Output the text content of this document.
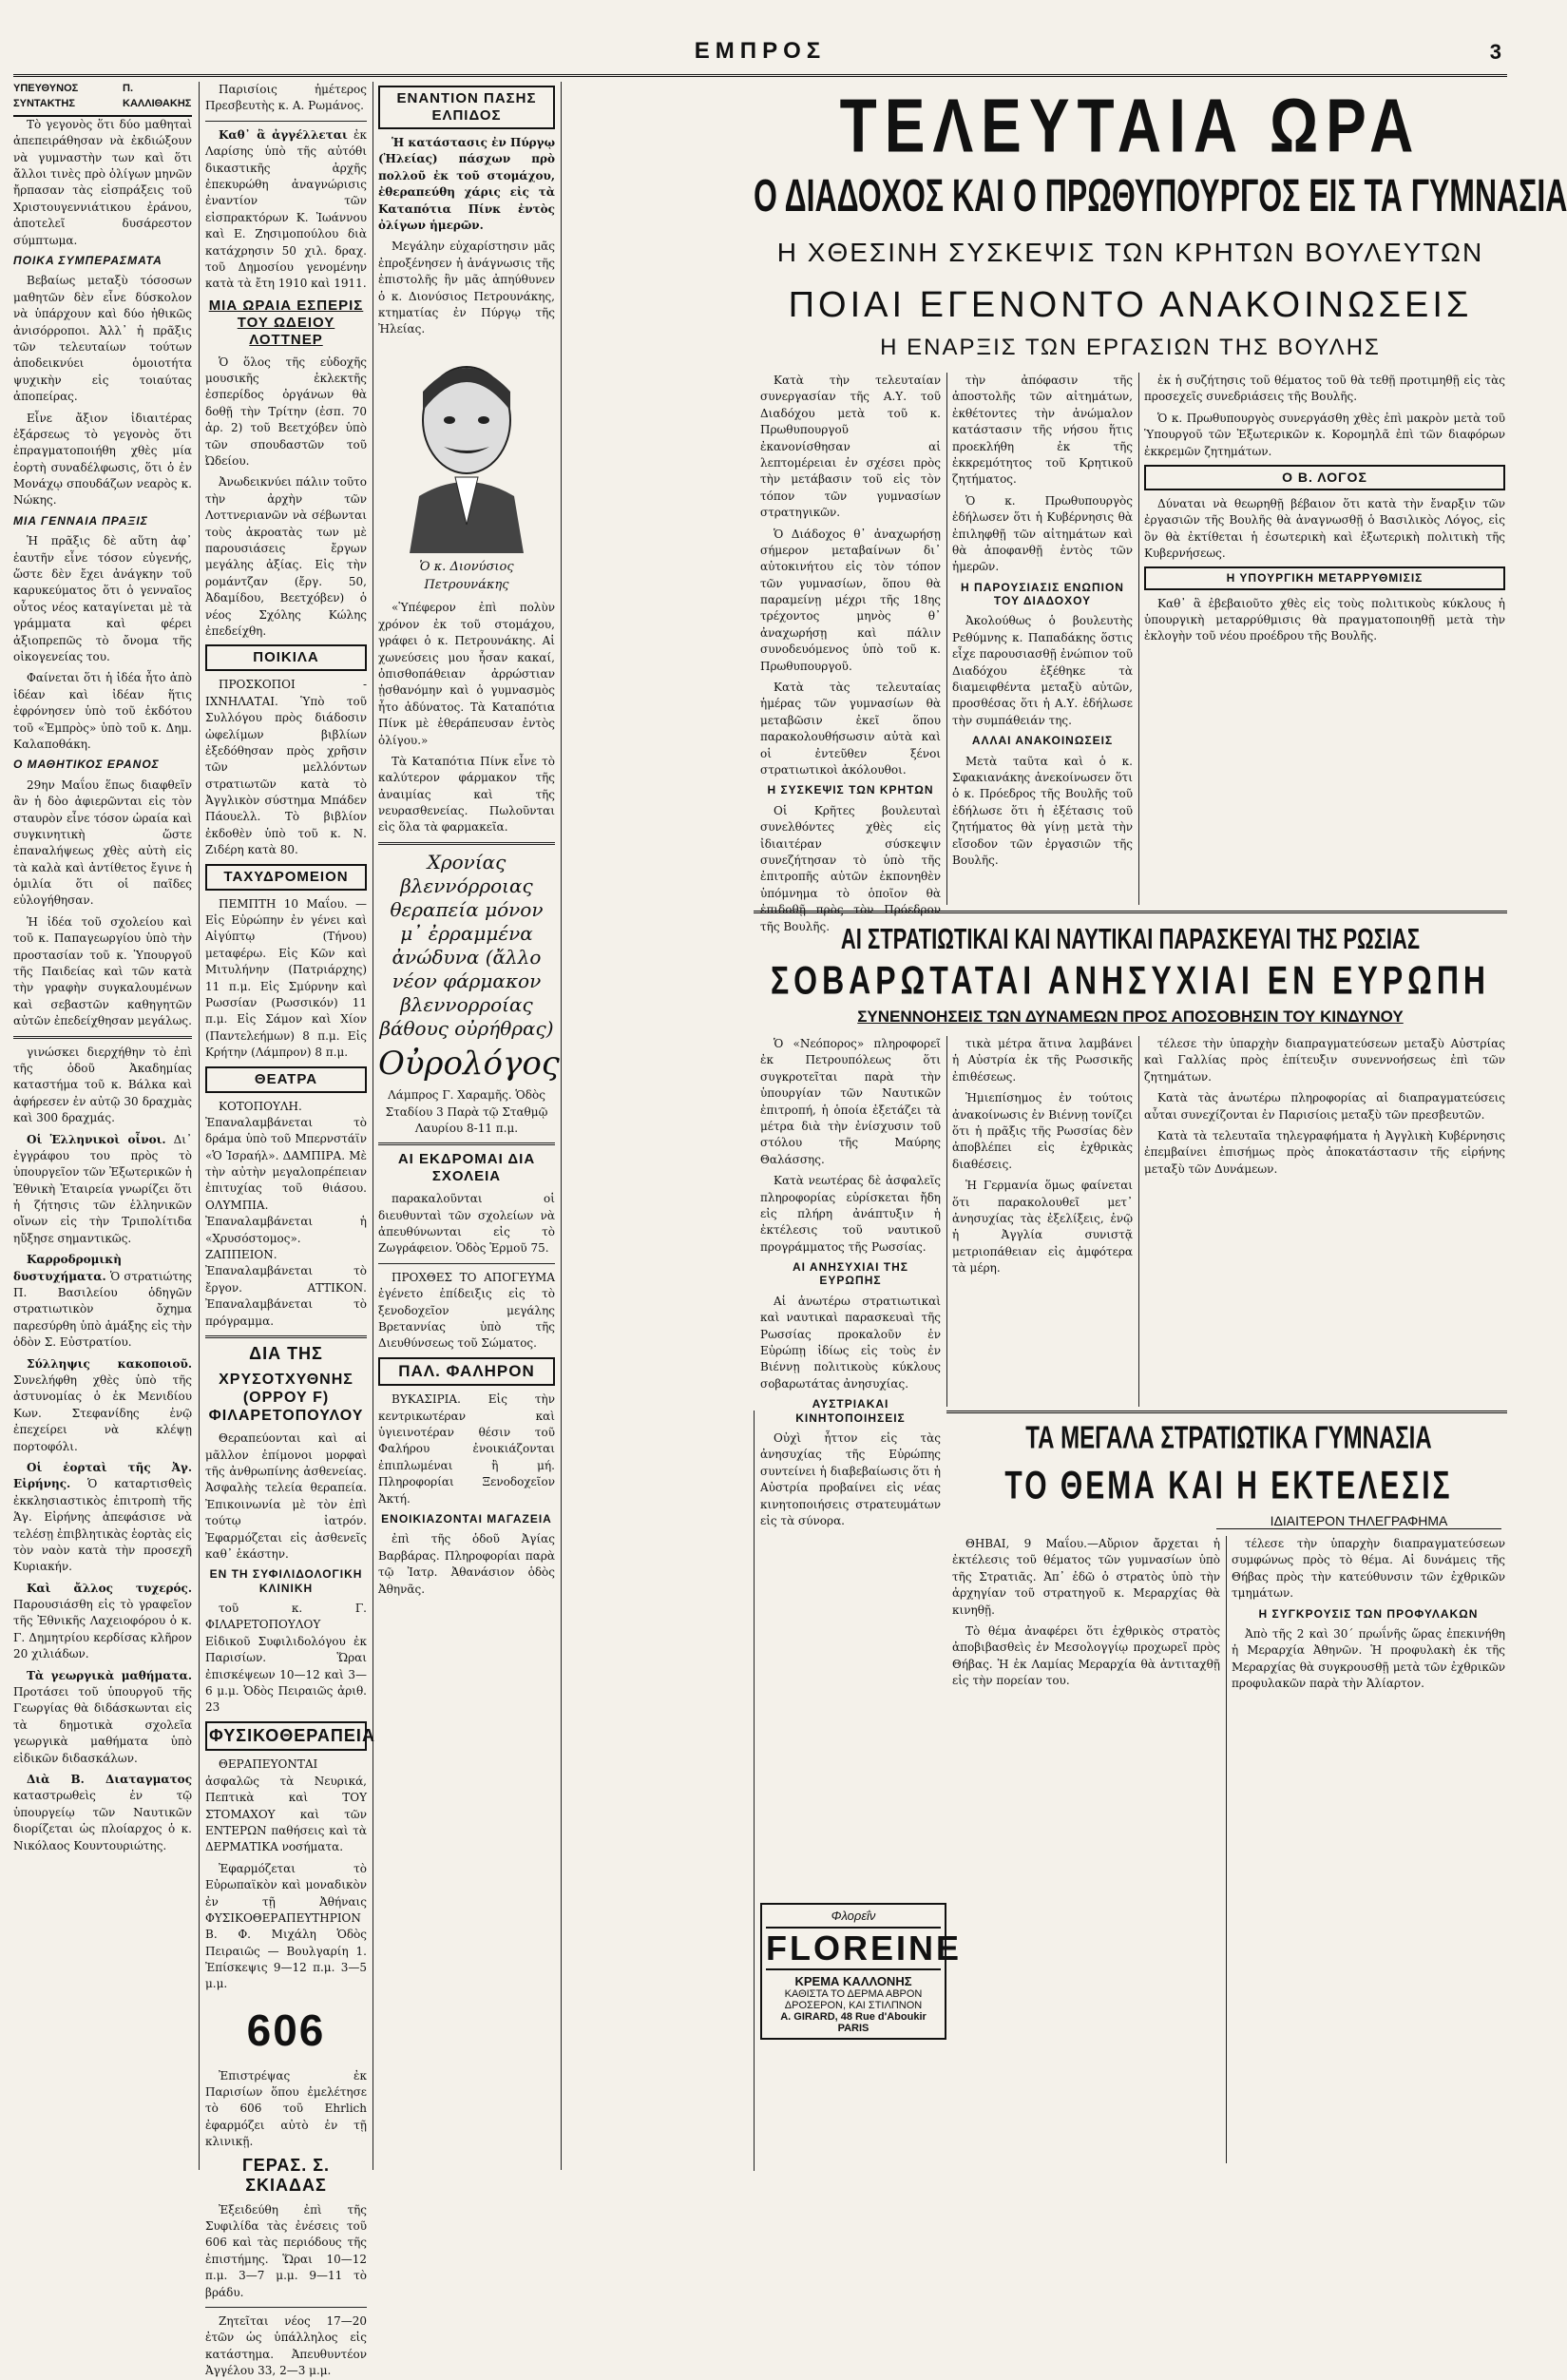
ΕΜΠΡΟΣ	3
ΥΠΕΥΘΥΝΟΣ ΣΥΝΤΑΚΤΗΣ
Π. ΚΑΛΛΙΘΑΚΗΣ

Τὸ γεγονὸς ὅτι δύο μαθηταὶ ἀπεπειράθησαν νὰ ἐκδιώξουν νὰ γυμναστὴν των καὶ ὅτι ἄλλοι τινὲς πρὸ ὀλίγων μηνῶν ἤρπασαν τὰς εἰσπράξεις τοῦ Χριστουγεννιάτικου ἐράνου, ἀποτελεῖ δυσάρεστον σύμπτωμα.

ΠΟΙΚΑ ΣΥΜΠΕΡΑΣΜΑΤΑ

Βεβαίως μεταξὺ τόσοσων μαθητῶν δὲν εἶνε δύσκολον νὰ ὑπάρχουν καὶ δύο ἠθικῶς ἀνισόρροποι. Ἀλλ᾽ ἡ πρᾶξις τῶν τελευταίων τούτων ἀποδεικνύει ὁμοιοτήτα ψυχικὴν εἰς τοιαύτας ἀποπείρας.

Εἶνε ἄξιον ἰδιαιτέρας ἐξάρσεως τὸ γεγονὸς ὅτι ἐπραγματοποιήθη χθὲς μία ἑορτὴ συναδέλφωσις, ὅτι ὁ ἐν Μονάχῳ σπουδάζων νεαρὸς κ. Νώκης.

ΜΙΑ ΓΕΝΝΑΙΑ ΠΡΑΞΙΣ

Ἡ πρᾶξις δὲ αὕτη ἀφ᾽ ἑαυτῆν εἶνε τόσον εὐγενής, ὥστε δὲν ἔχει ἀνάγκην τοῦ καρυκεύματος ὅτι ὁ γενναῖος οὗτος νέος καταγίνεται μὲ τὰ γράμματα καὶ φέρει ἀξιοπρεπῶς τὸ ὄνομα τῆς οἰκογενείας του.

Φαίνεται ὅτι ἡ ἰδέα ἦτο ἀπὸ ἰδέαν καὶ ἰδέαν ἥτις ἐφρόνησεν ὑπὸ τοῦ ἐκδότου τοῦ «Ἐμπρὸς» ὑπὸ τοῦ κ. Δημ. Καλαποθάκη.

Ο ΜΑΘΗΤΙΚΟΣ ΕΡΑΝΟΣ

29ην Μαΐου ἕπως διαφθεῖν ἂν ἡ δὸο ἀφιερῶνται εἰς τὸν σταυρὸν εἶνε τόσον ὡραία καὶ συγκινητικὴ ὥστε ἐπαναλήψεως χθὲς αὐτὴ εἰς τὰ καλὰ καὶ ἀντίθετος ἔγινε ἡ ὁμιλία ὅτι οἱ παῖδες εὐλογήθησαν.

Ἡ ἰδέα τοῦ σχολείου καὶ τοῦ κ. Παπαγεωργίου ὑπὸ τὴν προστασίαν τοῦ κ. Ὑπουργοῦ τῆς Παιδείας καὶ τῶν κατὰ τὴν γραφὴν συγκαλουμένων καὶ σεβαστῶν καθηγητῶν αὐτῶν ἐπεδείχθησαν μεγάλως.

γινώσκει διερχήθην τὸ ἐπὶ τῆς ὁδοῦ Ἀκαδημίας καταστήμα τοῦ κ. Βάλκα καὶ ἀφήρεσεν ἐν αὐτῷ 30 δραχμὰς καὶ 300 δραχμάς.

Οἱ Ἑλληνικοὶ οἶνοι. Δι᾽ ἐγγράφου του πρὸς τὸ ὑπουργεῖον τῶν Ἐξωτερικῶν ἡ Ἐθνικὴ Ἑταιρεία γνωρίζει ὅτι ἡ ζήτησις τῶν ἑλληνικῶν οἴνων εἰς τὴν Τριπολίτιδα ηὔξησε σημαντικῶς.

Καρροδρομικὴ δυστυχήματα. Ὁ στρατιώτης Π. Βασιλείου ὁδηγῶν στρατιωτικὸν ὄχημα παρεσύρθη ὑπὸ ἁμάξης εἰς τὴν ὁδὸν Σ. Εὐστρατίου.

Σύλληψις κακοποιοῦ. Συνελήφθη χθὲς ὑπὸ τῆς ἀστυνομίας ὁ ἐκ Μενιδίου Κων. Στεφανίδης ἐνῷ ἐπεχείρει νὰ κλέψῃ πορτοφόλι.

Οἱ ἑορταὶ τῆς Ἀγ. Εἰρήνης. Ὁ καταρτισθεὶς ἐκκλησιαστικὸς ἐπιτροπὴ τῆς Ἁγ. Εἰρήνης ἀπεφάσισε νὰ τελέσῃ ἐπιβλητικὰς ἑορτὰς εἰς τὸν ναὸν κατὰ τὴν προσεχῆ Κυριακήν.

Καὶ ἄλλος τυχερός. Παρουσιάσθη εἰς τὸ γραφεῖον τῆς Ἐθνικῆς Λαχειοφόρου ὁ κ. Γ. Δημητρίου κερδίσας κλῆρον 20 χιλιάδων.

Τὰ γεωργικὰ μαθήματα. Προτάσει τοῦ ὑπουργοῦ τῆς Γεωργίας θὰ διδάσκωνται εἰς τὰ δημοτικὰ σχολεῖα γεωργικὰ μαθήματα ὑπὸ εἰδικῶν διδασκάλων.

Διὰ Β. Διαταγματος καταστρωθεὶς ἐν τῷ ὑπουργείῳ τῶν Ναυτικῶν διορίζεται ὡς πλοίαρχος ὁ κ. Νικόλαος Κουντουριώτης.

Παρισίοις ἡμέτερος Πρεσβευτὴς κ. Α. Ρωμάνος.

Καθ᾽ ἃ ἀγγέλλεται ἐκ Λαρίσης ὑπὸ τῆς αὐτόθι δικαστικῆς ἀρχῆς ἐπεκυρώθη ἀναγνώρισις ἐναντίον τῶν εἰσπρακτόρων Κ. Ἰωάννου καὶ Ε. Ζησιμοπούλου διὰ κατάχρησιν 50 χιλ. δραχ. τοῦ Δημοσίου γενομένην κατὰ τὰ ἔτη 1910 καὶ 1911.

ΜΙΑ ΩΡΑΙΑ ΕΣΠΕΡΙΣ ΤΟΥ ΩΔΕΙΟΥ ΛΟΤΤΝΕΡ

Ὁ ὅλος τῆς εὐδοχῆς μουσικῆς ἐκλεκτῆς ἐσπερίδος ὀργάνων θὰ δοθῇ τὴν Τρίτην (ἐσπ. 70 ἀρ. 2) τοῦ Βεετχόβεν ὑπὸ τῶν σπουδαστῶν τοῦ Ὠδείου.

Ἀνωδεικνύει πάλιν τοῦτο τὴν ἀρχὴν τῶν Λοττνεριανῶν νὰ σέβωνται τοὺς ἀκροατὰς των μὲ παρουσιάσεις ἔργων μεγάλης ἀξίας. Εἰς τὴν ρομάντζαν (ἔργ. 50, Ἀδαμίδου, Βεετχόβεν) ὁ νέος Σχόλης Κώλης ἐπεδείχθη.

ΠΟΙΚΙΛΑ

ΠΡΟΣΚΟΠΟΙ - ΙΧΝΗΛΑΤΑΙ. Ὑπὸ τοῦ Συλλόγου πρὸς διάδοσιν ὠφελίμων βιβλίων ἐξεδόθησαν πρὸς χρῆσιν τῶν μελλόντων στρατιωτῶν κατὰ τὸ Ἀγγλικὸν σύστημα Μπάδεν Πάουελλ. Τὸ βιβλίον ἐκδοθὲν ὑπὸ τοῦ κ. Ν. Ζιδέρη κατὰ 80.

ΤΑΧΥΔΡΟΜΕΙΟΝ

ΠΕΜΠΤΗ 10 Μαΐου. — Εἰς Εὐρώπην ἐν γένει καὶ Αἰγύπτῳ (Τήνου) μεταφέρω. Εἰς Κῶν καὶ Μιτυλήνην (Πατριάρχης) 11 π.μ. Εἰς Σμύρνην καὶ Ρωσσίαν (Ρωσσικόν) 11 π.μ. Εἰς Σάμον καὶ Χίον (Παντελεήμων) 8 π.μ. Εἰς Κρήτην (Λάμπρον) 8 π.μ.

ΘΕΑΤΡΑ

ΚΟΤΟΠΟΥΛΗ. Ἐπαναλαμβάνεται τὸ δράμα ὑπὸ τοῦ Μπερνστάϊν «Ὁ Ἰσραήλ». ΔΑΜΠΙΡΑ. Μὲ τὴν αὐτὴν μεγαλοπρέπειαν ἐπιτυχίας τοῦ θιάσου. ΟΛΥΜΠΙΑ. Ἐπαναλαμβάνεται ἡ «Χρυσόστομος». ΖΑΠΠΕΙΟΝ. Ἐπαναλαμβάνεται τὸ ἔργον. ΑΤΤΙΚΟΝ. Ἐπαναλαμβάνεται τὸ πρόγραμμα.

ΔΙΑ ΤΗΣ
ΧΡΥΣΟΤΧΥΘΝΗΣ (ΟΡΡΟΥ F) ΦΙΛΑΡΕΤΟΠΟΥΛΟΥ

Θεραπεύονται καὶ αἱ μᾶλλον ἐπίμονοι μορφαὶ τῆς ἀνθρωπίνης ἀσθενείας. Ἀσφαλὴς τελεία θεραπεία. Ἐπικοινωνία μὲ τὸν ἐπὶ τούτῳ ἰατρόν. Ἐφαρμόζεται εἰς ἀσθενεῖς καθ᾽ ἑκάστην.

ΕΝ ΤΗ ΣΥΦΙΛΙΔΟΛΟΓΙΚΗ ΚΛΙΝΙΚΗ

τοῦ κ. Γ. ΦΙΛΑΡΕΤΟΠΟΥΛΟΥ Εἰδικοῦ Συφιλιδολόγου ἐκ Παρισίων. Ὥραι ἐπισκέψεων 10—12 καὶ 3—6 μ.μ. Ὁδὸς Πειραιῶς ἀριθ. 23

ΦΥΣΙΚΟΘΕΡΑΠΕΙΑ

ΘΕΡΑΠΕΥΟΝΤΑΙ ἀσφαλῶς τὰ Νευρικά, Πεπτικὰ καὶ ΤΟΥ ΣΤΟΜΑΧΟΥ καὶ τῶν ΕΝΤΕΡΩΝ παθήσεις καὶ τὰ ΔΕΡΜΑΤΙΚΑ νοσήματα.

Ἐφαρμόζεται τὸ Εὐρωπαϊκὸν καὶ μοναδικὸν ἐν τῇ Ἀθήναις ΦΥΣΙΚΟΘΕΡΑΠΕΥΤΗΡΙΟΝ Β. Φ. Μιχάλη Ὁδὸς Πειραιῶς — Βουλγαρίη 1. Ἐπίσκεψις 9—12 π.μ. 3—5 μ.μ.

606

Ἐπιστρέψας ἐκ Παρισίων ὅπου ἐμελέτησε τὸ 606 τοῦ Ehrlich ἐφαρμόζει αὐτὸ ἐν τῇ κλινικῇ.

ΓΕΡΑΣ. Σ. ΣΚΙΑΔΑΣ

Ἐξειδεύθη ἐπὶ τῆς Συφιλίδα τὰς ἐνέσεις τοῦ 606 καὶ τὰς περιόδους τῆς ἐπιστήμης. Ὥραι 10—12 π.μ. 3—7 μ.μ. 9—11 τὸ βράδυ.

Ζητεῖται νέος 17—20 ἐτῶν ὡς ὑπάλληλος εἰς κατάστημα. Ἀπευθυντέον Ἀγγέλου 33, 2—3 μ.μ.

ΕΝΑΝΤΙΟΝ ΠΑΣΗΣ ΕΛΠΙΔΟΣ

Ἡ κατάστασις ἐν Πύργῳ (Ἠλείας) πάσχων πρὸ πολλοῦ ἐκ τοῦ στομάχου, ἐθεραπεύθη χάρις εἰς τὰ Καταπότια Πίνκ ἐντὸς ὀλίγων ἡμερῶν.

Μεγάλην εὐχαρίστησιν μᾶς ἐπροξένησεν ἡ ἀνάγνωσις τῆς ἐπιστολῆς ἣν μᾶς ἀπηύθυνεν ὁ κ. Διονύσιος Πετρουνάκης, κτηματίας ἐν Πύργῳ τῆς Ἠλείας.

Ὁ κ. Διονύσιος Πετρουνάκης

«Ὑπέφερον ἐπὶ πολὺν χρόνον ἐκ τοῦ στομάχου, γράφει ὁ κ. Πετρουνάκης. Αἱ χωνεύσεις μου ἦσαν κακαί, ὀπισθοπάθειαν ἀρρώστιαν ᾐσθανόμην καὶ ὁ γυμνασμὸς ἦτο ἀδύνατος. Τὰ Καταπότια Πίνκ μὲ ἐθεράπευσαν ἐντὸς ὀλίγου.»

Τὰ Καταπότια Πίνκ εἶνε τὸ καλύτερον φάρμακον τῆς ἀναιμίας καὶ τῆς νευρασθενείας. Πωλοῦνται εἰς ὅλα τὰ φαρμακεῖα.

Χρονίας βλεννόρροιας θεραπεία μόνον μ᾽ ἐρραμμένα ἀνώδυνα (ἄλλο νέον φάρμακον βλεννορροίας βάθους οὐρήθρας)
Οὐρολόγος

Λάμπρος Γ. Χαραμῆς. Ὁδὸς Σταδίου 3 Παρὰ τῷ Σταθμῷ Λαυρίου 8-11 π.μ.

ΑΙ ΕΚΔΡΟΜΑΙ ΔΙΑ ΣΧΟΛΕΙΑ

παρακαλοῦνται οἱ διευθυνταὶ τῶν σχολείων νὰ ἀπευθύνωνται εἰς τὸ Ζωγράφειον. Ὁδὸς Ἑρμοῦ 75.

ΠΡΟΧΘΕΣ ΤΟ ΑΠΟΓΕΥΜΑ ἐγένετο ἐπίδειξις εἰς τὸ ξενοδοχεῖον μεγάλης Βρεταννίας ὑπὸ τῆς Διευθύνσεως τοῦ Σώματος.

ΠΑΛ. ΦΑΛΗΡΟΝ

ΒΥΚΑΣΙΡΙΑ. Εἰς τὴν κεντρικωτέραν καὶ ὑγιεινοτέραν θέσιν τοῦ Φαλήρου ἐνοικιάζονται ἐπιπλωμέναι ἢ μή. Πληροφορίαι Ξενοδοχεῖον Ἀκτή.

ΕΝΟΙΚΙΑΖΟΝΤΑΙ ΜΑΓΑΖΕΙΑ

ἐπὶ τῆς ὁδοῦ Ἀγίας Βαρβάρας. Πληροφορίαι παρὰ τῷ Ἰατρ. Ἀθανάσιον ὁδὸς Ἀθηνᾶς.

ΤΕΛΕΥΤΑΙΑ ΩΡΑ
Ο ΔΙΑΔΟΧΟΣ ΚΑΙ Ο ΠΡΩΘΥΠΟΥΡΓΟΣ ΕΙΣ ΤΑ ΓΥΜΝΑΣΙΑ
Η ΧΘΕΣΙΝΗ ΣΥΣΚΕΨΙΣ ΤΩΝ ΚΡΗΤΩΝ ΒΟΥΛΕΥΤΩΝ
ΠΟΙΑΙ ΕΓΕΝΟΝΤΟ ΑΝΑΚΟΙΝΩΣΕΙΣ
Η ΕΝΑΡΞΙΣ ΤΩΝ ΕΡΓΑΣΙΩΝ ΤΗΣ ΒΟΥΛΗΣ

Κατὰ τὴν τελευταίαν συνεργασίαν τῆς Α.Υ. τοῦ Διαδόχου μετὰ τοῦ κ. Πρωθυπουργοῦ ἐκανονίσθησαν αἱ λεπτομέρειαι ἐν σχέσει πρὸς τὴν μετάβασιν τοῦ εἰς τὸν τόπον τῶν γυμνασίων στρατηγικῶν.

Ὁ Διάδοχος θ᾽ ἀναχωρήσῃ σήμερον μεταβαίνων δι᾽ αὐτοκινήτου εἰς τὸν τόπον τῶν γυμνασίων, ὅπου θὰ παραμείνῃ μέχρι τῆς 18ης τρέχοντος μηνὸς θ᾽ ἀναχωρήσῃ καὶ πάλιν συνοδευόμενος ὑπὸ τοῦ κ. Πρωθυπουργοῦ.

Κατὰ τὰς τελευταίας ἡμέρας τῶν γυμνασίων θὰ μεταβῶσιν ἐκεῖ ὅπου παρακολουθήσωσιν αὐτὰ καὶ οἱ ἐντεῦθεν ξένοι στρατιωτικοὶ ἀκόλουθοι.

Η ΣΥΣΚΕΨΙΣ ΤΩΝ ΚΡΗΤΩΝ

Οἱ Κρῆτες βουλευταὶ συνελθόντες χθὲς εἰς ἰδιαιτέραν σύσκεψιν συνεζήτησαν τὸ ὑπὸ τῆς ἐπιτροπῆς αὐτῶν ἐκπονηθὲν ὑπόμνημα τὸ ὁποῖον θὰ ἐπιδοθῇ πρὸς τὸν Πρόεδρον τῆς Βουλῆς.

τὴν ἀπόφασιν τῆς ἀποστολῆς τῶν αἰτημάτων, ἐκθέτοντες τὴν ἀνώμαλον κατάστασιν τῆς νήσου ἥτις προεκλήθη ἐκ τῆς ἐκκρεμότητος τοῦ Κρητικοῦ ζητήματος.

Ὁ κ. Πρωθυπουργὸς ἐδήλωσεν ὅτι ἡ Κυβέρνησις θὰ ἐπιληφθῇ τῶν αἰτημάτων καὶ θὰ ἀποφανθῇ ἐντὸς τῶν ἡμερῶν.

Η ΠΑΡΟΥΣΙΑΣΙΣ ΕΝΩΠΙΟΝ ΤΟΥ ΔΙΑΔΟΧΟΥ

Ἀκολούθως ὁ βουλευτὴς Ρεθύμνης κ. Παπαδάκης ὅστις εἶχε παρουσιασθῇ ἐνώπιον τοῦ Διαδόχου ἐξέθηκε τὰ διαμειφθέντα μεταξὺ αὐτῶν, προσθέσας ὅτι ἡ Α.Υ. ἐδήλωσε τὴν συμπάθειάν της.

ΑΛΛΑΙ ΑΝΑΚΟΙΝΩΣΕΙΣ

Μετὰ ταῦτα καὶ ὁ κ. Σφακιανάκης ἀνεκοίνωσεν ὅτι ὁ κ. Πρόεδρος τῆς Βουλῆς τοῦ ἐδήλωσε ὅτι ἡ ἐξέτασις τοῦ ζητήματος θὰ γίνῃ μετὰ τὴν εἴσοδον τῶν ἐργασιῶν τῆς Βουλῆς.

ἐκ ἡ συζήτησις τοῦ θέματος τοῦ θὰ τεθῇ προτιμηθῇ εἰς τὰς προσεχεῖς συνεδριάσεις τῆς Βουλῆς.

Ὁ κ. Πρωθυπουργὸς συνεργάσθη χθὲς ἐπὶ μακρὸν μετὰ τοῦ Ὑπουργοῦ τῶν Ἐξωτερικῶν κ. Κορομηλᾶ ἐπὶ τῶν διαφόρων ἐκκρεμῶν ζητημάτων.

Ο Β. ΛΟΓΟΣ

Δύναται νὰ θεωρηθῇ βέβαιον ὅτι κατὰ τὴν ἔναρξιν τῶν ἐργασιῶν τῆς Βουλῆς θὰ ἀναγνωσθῇ ὁ Βασιλικὸς Λόγος, εἰς ὃν θὰ ἐκτίθεται ἡ ἐσωτερικὴ καὶ ἐξωτερικὴ πολιτικὴ τῆς Κυβερνήσεως.

Η ΥΠΟΥΡΓΙΚΗ ΜΕΤΑΡΡΥΘΜΙΣΙΣ

Καθ᾽ ἃ ἐβεβαιοῦτο χθὲς εἰς τοὺς πολιτικοὺς κύκλους ἡ ὑπουργικὴ μεταρρύθμισις θὰ πραγματοποιηθῇ μετὰ τὴν ἐκλογὴν τοῦ νέου προέδρου τῆς Βουλῆς.

ΑΙ ΣΤΡΑΤΙΩΤΙΚΑΙ ΚΑΙ ΝΑΥΤΙΚΑΙ ΠΑΡΑΣΚΕΥΑΙ ΤΗΣ ΡΩΣΙΑΣ
ΣΟΒΑΡΩΤΑΤΑΙ ΑΝΗΣΥΧΙΑΙ ΕΝ ΕΥΡΩΠΗ
ΣΥΝΕΝΝΟΗΣΕΙΣ ΤΩΝ ΔΥΝΑΜΕΩΝ ΠΡΟΣ ΑΠΟΣΟΒΗΣΙΝ ΤΟΥ ΚΙΝΔΥΝΟΥ

Ὁ «Νεόπορος» πληροφορεῖ ἐκ Πετρουπόλεως ὅτι συγκροτεῖται παρὰ τὴν ὑπουργίαν τῶν Ναυτικῶν ἐπιτροπή, ἡ ὁποία ἐξετάζει τὰ μέτρα διὰ τὴν ἐνίσχυσιν τοῦ στόλου τῆς Μαύρης Θαλάσσης.

Κατὰ νεωτέρας δὲ ἀσφαλεῖς πληροφορίας εὑρίσκεται ἤδη εἰς πλήρη ἀνάπτυξιν ἡ ἐκτέλεσις τοῦ ναυτικοῦ προγράμματος τῆς Ρωσσίας.

ΑΙ ΑΝΗΣΥΧΙΑΙ ΤΗΣ ΕΥΡΩΠΗΣ

Αἱ ἀνωτέρω στρατιωτικαὶ καὶ ναυτικαὶ παρασκευαὶ τῆς Ρωσσίας προκαλοῦν ἐν Εὐρώπῃ ἰδίως εἰς τοὺς ἐν Βιέννῃ πολιτικοὺς κύκλους σοβαρωτάτας ἀνησυχίας.

ΑΥΣΤΡΙΑΚΑΙ ΚΙΝΗΤΟΠΟΙΗΣΕΙΣ

Οὐχὶ ἧττον εἰς τὰς ἀνησυχίας τῆς Εὐρώπης συντείνει ἡ διαβεβαίωσις ὅτι ἡ Αὐστρία προβαίνει εἰς νέας κινητοποιήσεις στρατευμάτων εἰς τὰ σύνορα.

τικὰ μέτρα ἅτινα λαμβάνει ἡ Αὐστρία ἐκ τῆς Ρωσσικῆς ἐπιθέσεως.

Ἡμιεπίσημος ἐν τούτοις ἀνακοίνωσις ἐν Βιέννῃ τονίζει ὅτι ἡ πρᾶξις τῆς Ρωσσίας δὲν ἀποβλέπει εἰς ἐχθρικὰς διαθέσεις.

Ἡ Γερμανία ὅμως φαίνεται ὅτι παρακολουθεῖ μετ᾽ ἀνησυχίας τὰς ἐξελίξεις, ἐνῷ ἡ Ἀγγλία συνιστᾷ μετριοπάθειαν εἰς ἀμφότερα τὰ μέρη.

τέλεσε τὴν ὑπαρχὴν διαπραγματεύσεων μεταξὺ Αὐστρίας καὶ Γαλλίας πρὸς ἐπίτευξιν συνεννοήσεως ἐπὶ τῶν ζητημάτων.

Κατὰ τὰς ἀνωτέρω πληροφορίας αἱ διαπραγματεύσεις αὗται συνεχίζονται ἐν Παρισίοις μεταξὺ τῶν πρεσβευτῶν.

Κατὰ τὰ τελευταῖα τηλεγραφήματα ἡ Ἀγγλικὴ Κυβέρνησις ἐπεμβαίνει ἐπισήμως πρὸς ἀποκατάστασιν τῆς εἰρήνης μεταξὺ τῶν Δυνάμεων.

ΤΑ ΜΕΓΑΛΑ ΣΤΡΑΤΙΩΤΙΚΑ ΓΥΜΝΑΣΙΑ
ΤΟ ΘΕΜΑ ΚΑΙ Η ΕΚΤΕΛΕΣΙΣ
ΙΔΙΑΙΤΕΡΟΝ ΤΗΛΕΓΡΑΦΗΜΑ

ΘΗΒΑΙ, 9 Μαΐου.—Αὔριον ἄρχεται ἡ ἐκτέλεσις τοῦ θέματος τῶν γυμνασίων ὑπὸ τῆς Στρατιᾶς. Ἀπ᾽ ἐδῶ ὁ στρατὸς ὑπὸ τὴν ἀρχηγίαν τοῦ στρατηγοῦ κ. Μεραρχίας θὰ κινηθῇ.

Τὸ θέμα ἀναφέρει ὅτι ἐχθρικὸς στρατὸς ἀποβιβασθεὶς ἐν Μεσολογγίῳ προχωρεῖ πρὸς Θήβας. Ἡ ἐκ Λαμίας Μεραρχία θὰ ἀντιταχθῇ εἰς τὴν πορείαν του.

τέλεσε τὴν ὑπαρχὴν διαπραγματεύσεων συμφώνως πρὸς τὸ θέμα. Αἱ δυνάμεις τῆς Θήβας πρὸς τὴν κατεύθυνσιν τῶν ἐχθρικῶν τμημάτων.

Η ΣΥΓΚΡΟΥΣΙΣ ΤΩΝ ΠΡΟΦΥΛΑΚΩΝ

Ἀπὸ τῆς 2 καὶ 30΄ πρωΐνῆς ὥρας ἐπεκινήθη ἡ Μεραρχία Ἀθηνῶν. Ἡ προφυλακὴ ἐκ τῆς Μεραρχίας θὰ συγκρουσθῇ μετὰ τῶν ἐχθρικῶν προφυλακῶν παρὰ τὴν Ἁλίαρτον.

Φλορεΐν
FLOREINE
ΚΡΕΜΑ ΚΑΛΛΟΝΗΣ
ΚΑΘΙΣΤΑ ΤΟ ΔΕΡΜΑ ΑΒΡΟΝ
ΔΡΟΣΕΡΟΝ, ΚΑΙ ΣΤΙΛΠΝΟΝ
A. GIRARD, 48 Rue d'Aboukir
PARIS
